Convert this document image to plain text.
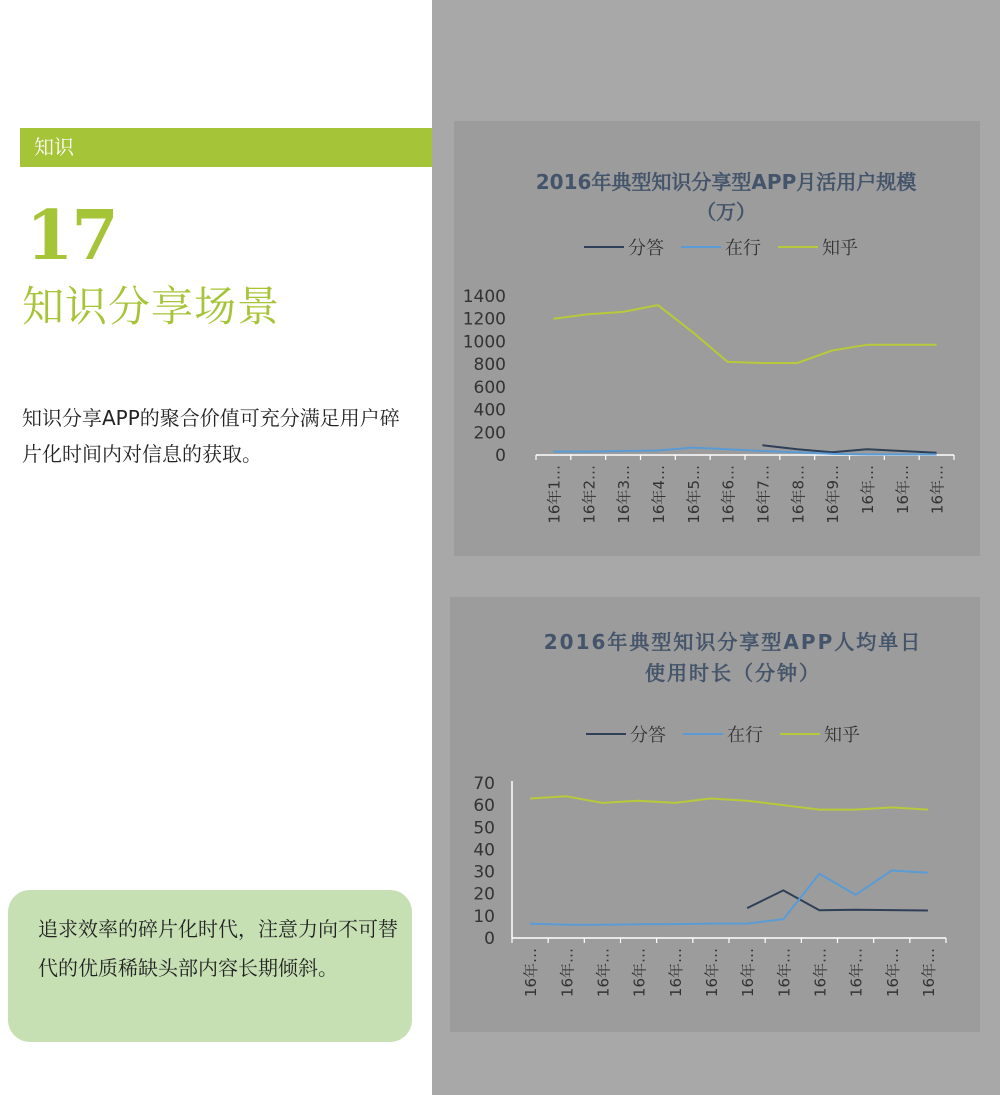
知识
17
知识分享场景
知识分享APP的聚合价值可充分满足用户碎片化时间内对信息的获取。
追求效率的碎片化时代，注意力向不可替代的优质稀缺头部内容长期倾斜。
2016年典型知识分享型APP月活用户规模
（万）
分答	在行	知乎
0
200
400
600
800
1000
1200
1400
16年1… 16年2… 16年3… 16年4… 16年5… 16年6… 16年7… 16年8… 16年9… 16年… 16年… 16年…
2016年典型知识分享型APP人均单日
使用时长（分钟）
分答	在行	知乎
0
10
20
30
40
50
60
70
16年… 16年… 16年… 16年… 16年… 16年… 16年… 16年… 16年… 16年… 16年… 16年…
